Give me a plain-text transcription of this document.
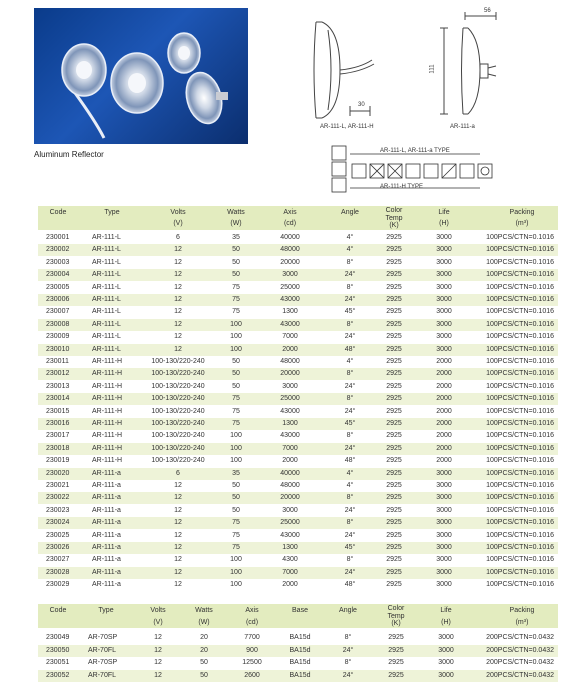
Aluminum Reflector
30
56
111
AR-111-L, AR-111-H	AR-111-a
AR-111-L, AR-111-a TYPE
AR-111-H TYPE
Code	Type	Volts
(V)
Watts
(W)
Axis
(cd)
Angle	Color Temp
(K)
Life
(H)
Packing
(m³)
230001	AR-111-L	6	35	40000	4°	2925	3000	100PCS/CTN=0.1016
230002	AR-111-L	12	50	48000	4°	2925	3000	100PCS/CTN=0.1016
230003	AR-111-L	12	50	20000	8°	2925	3000	100PCS/CTN=0.1016
230004	AR-111-L	12	50	3000	24°	2925	3000	100PCS/CTN=0.1016
230005	AR-111-L	12	75	25000	8°	2925	3000	100PCS/CTN=0.1016
230006	AR-111-L	12	75	43000	24°	2925	3000	100PCS/CTN=0.1016
230007	AR-111-L	12	75	1300	45°	2925	3000	100PCS/CTN=0.1016
230008	AR-111-L	12	100	43000	8°	2925	3000	100PCS/CTN=0.1016
230009	AR-111-L	12	100	7000	24°	2925	3000	100PCS/CTN=0.1016
230010	AR-111-L	12	100	2000	48°	2925	3000	100PCS/CTN=0.1016
230011	AR-111-H	100-130/220-240	50	48000	4°	2925	2000	100PCS/CTN=0.1016
230012	AR-111-H	100-130/220-240	50	20000	8°	2925	2000	100PCS/CTN=0.1016
230013	AR-111-H	100-130/220-240	50	3000	24°	2925	2000	100PCS/CTN=0.1016
230014	AR-111-H	100-130/220-240	75	25000	8°	2925	2000	100PCS/CTN=0.1016
230015	AR-111-H	100-130/220-240	75	43000	24°	2925	2000	100PCS/CTN=0.1016
230016	AR-111-H	100-130/220-240	75	1300	45°	2925	2000	100PCS/CTN=0.1016
230017	AR-111-H	100-130/220-240	100	43000	8°	2925	2000	100PCS/CTN=0.1016
230018	AR-111-H	100-130/220-240	100	7000	24°	2925	2000	100PCS/CTN=0.1016
230019	AR-111-H	100-130/220-240	100	2000	48°	2925	2000	100PCS/CTN=0.1016
230020	AR-111-a	6	35	40000	4°	2925	3000	100PCS/CTN=0.1016
230021	AR-111-a	12	50	48000	4°	2925	3000	100PCS/CTN=0.1016
230022	AR-111-a	12	50	20000	8°	2925	3000	100PCS/CTN=0.1016
230023	AR-111-a	12	50	3000	24°	2925	3000	100PCS/CTN=0.1016
230024	AR-111-a	12	75	25000	8°	2925	3000	100PCS/CTN=0.1016
230025	AR-111-a	12	75	43000	24°	2925	3000	100PCS/CTN=0.1016
230026	AR-111-a	12	75	1300	45°	2925	3000	100PCS/CTN=0.1016
230027	AR-111-a	12	100	4300	8°	2925	3000	100PCS/CTN=0.1016
230028	AR-111-a	12	100	7000	24°	2925	3000	100PCS/CTN=0.1016
230029	AR-111-a	12	100	2000	48°	2925	3000	100PCS/CTN=0.1016
Code	Type	Volts
(V)
Watts
(W)
Axis
(cd)
Base	Angle	Color Temp
(K)
Life
(H)
Packing
(m³)
230049	AR-70SP	12	20	7700	BA15d	8°	2925	3000	200PCS/CTN=0.0432
230050	AR-70FL	12	20	900	BA15d	24°	2925	3000	200PCS/CTN=0.0432
230051	AR-70SP	12	50	12500	BA15d	8°	2925	3000	200PCS/CTN=0.0432
230052	AR-70FL	12	50	2600	BA15d	24°	2925	3000	200PCS/CTN=0.0432
